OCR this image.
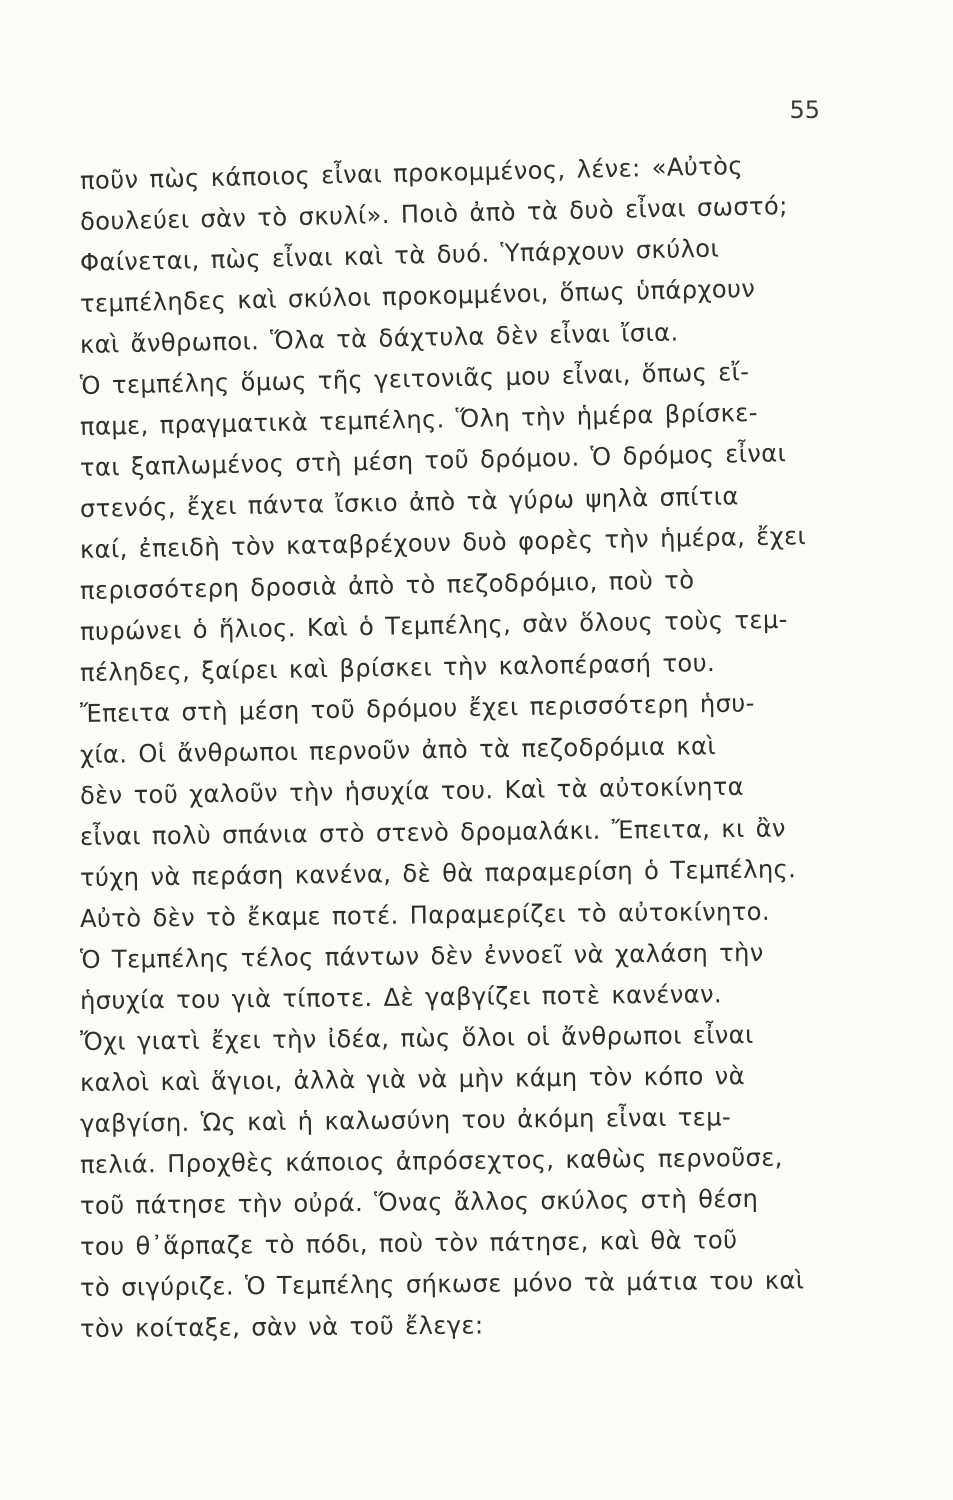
55
ποῦν πὼς κάποιος εἶναι προκομμένος, λένε: «Αὐτὸς
δουλεύει σὰν τὸ σκυλί». Ποιὸ ἀπὸ τὰ δυὸ εἶναι σωστό;
Φαίνεται, πὼς εἶναι καὶ τὰ δυό. Ὑπάρχουν σκύλοι
τεμπέληδες καὶ σκύλοι προκομμένοι, ὅπως ὑπάρχουν
καὶ ἄνθρωποι. Ὅλα τὰ δάχτυλα δὲν εἶναι ἴσια.
Ὁ τεμπέλης ὅμως τῆς γειτονιᾶς μου εἶναι, ὅπως εἴ-
παμε, πραγματικὰ τεμπέλης. Ὅλη τὴν ἡμέρα βρίσκε-
ται ξαπλωμένος στὴ μέση τοῦ δρόμου. Ὁ δρόμος εἶναι
στενός, ἔχει πάντα ἴσκιο ἀπὸ τὰ γύρω ψηλὰ σπίτια
καί, ἐπειδὴ τὸν καταβρέχουν δυὸ φορὲς τὴν ἡμέρα, ἔχει
περισσότερη δροσιὰ ἀπὸ τὸ πεζοδρόμιο, ποὺ τὸ
πυρώνει ὁ ἥλιος. Καὶ ὁ Τεμπέλης, σὰν ὅλους τοὺς τεμ-
πέληδες, ξαίρει καὶ βρίσκει τὴν καλοπέρασή του.
Ἔπειτα στὴ μέση τοῦ δρόμου ἔχει περισσότερη ἡσυ-
χία. Οἱ ἄνθρωποι περνοῦν ἀπὸ τὰ πεζοδρόμια καὶ
δὲν τοῦ χαλοῦν τὴν ἡσυχία του. Καὶ τὰ αὐτοκίνητα
εἶναι πολὺ σπάνια στὸ στενὸ δρομαλάκι. Ἔπειτα, κι ἂν
τύχη νὰ περάση κανένα, δὲ θὰ παραμερίση ὁ Τεμπέλης.
Αὐτὸ δὲν τὸ ἔκαμε ποτέ. Παραμερίζει τὸ αὐτοκίνητο.
Ὁ Τεμπέλης τέλος πάντων δὲν ἐννοεῖ νὰ χαλάση τὴν
ἡσυχία του γιὰ τίποτε. Δὲ γαβγίζει ποτὲ κανέναν.
Ὄχι γιατὶ ἔχει τὴν ἰδέα, πὼς ὅλοι οἱ ἄνθρωποι εἶναι
καλοὶ καὶ ἅγιοι, ἀλλὰ γιὰ νὰ μὴν κάμη τὸν κόπο νὰ
γαβγίση. Ὡς καὶ ἡ καλωσύνη του ἀκόμη εἶναι τεμ-
πελιά. Προχθὲς κάποιος ἀπρόσεχτος, καθὼς περνοῦσε,
τοῦ πάτησε τὴν οὐρά. Ὅνας ἄλλος σκύλος στὴ θέση
του θ᾽ἅρπαζε τὸ πόδι, ποὺ τὸν πάτησε, καὶ θὰ τοῦ
τὸ σιγύριζε. Ὁ Τεμπέλης σήκωσε μόνο τὰ μάτια του καὶ
τὸν κοίταξε, σὰν νὰ τοῦ ἔλεγε:
